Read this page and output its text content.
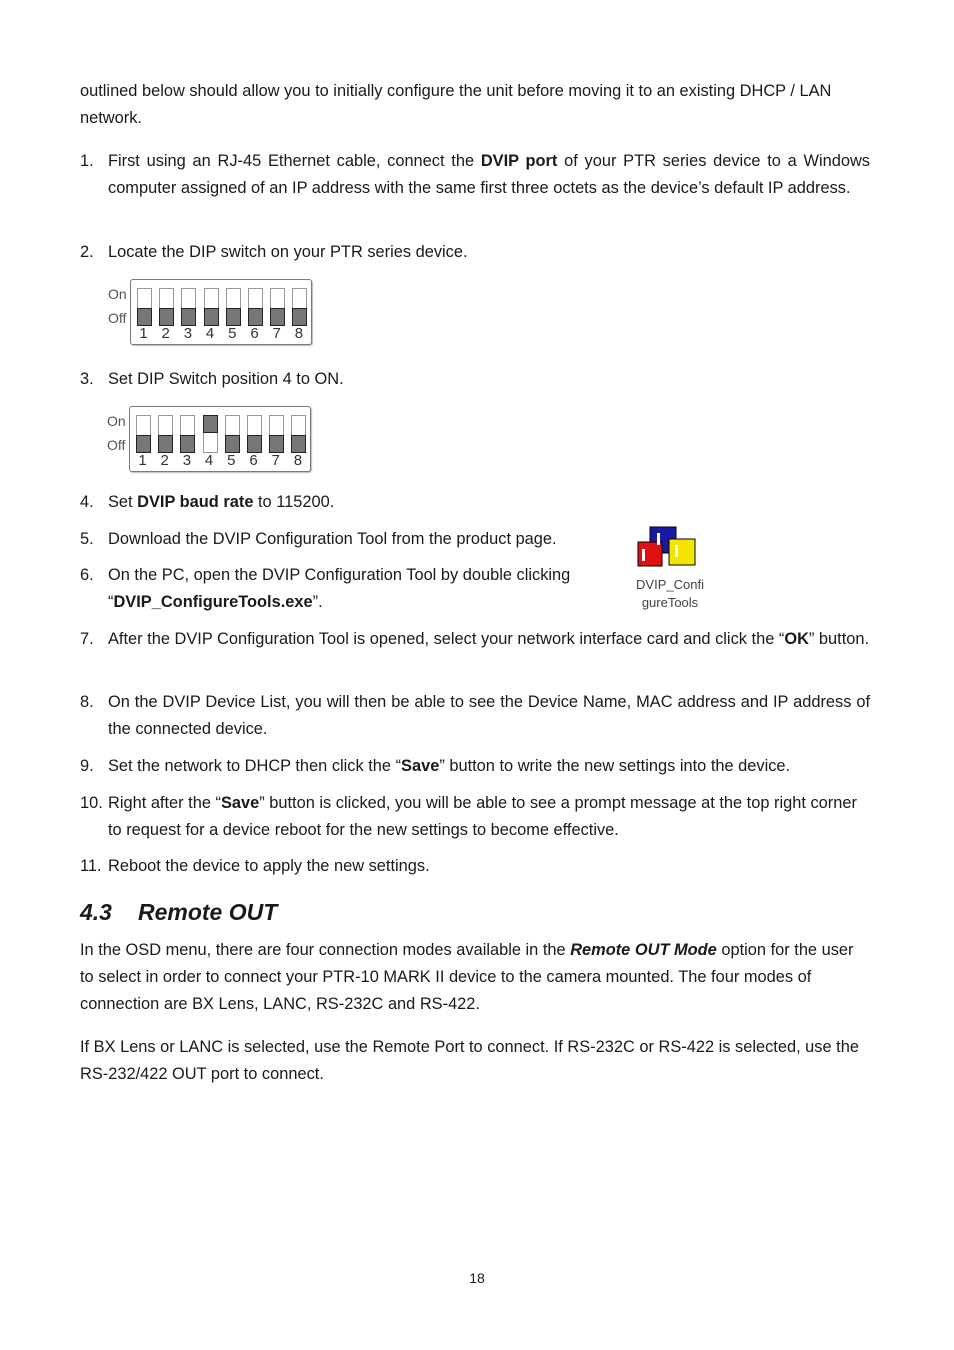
outlined below should allow you to initially configure the unit before moving it to an existing DHCP / LAN network.

1. First using an RJ-45 Ethernet cable, connect the DVIP port of your PTR series device to a Windows computer assigned of an IP address with the same first three octets as the device’s default IP address.
2. Locate the DIP switch on your PTR series device.
On
Off
1 2 3 4 5 6 7 8
3. Set DIP Switch position 4 to ON.
On
Off
1 2 3 4 5 6 7 8
4. Set DVIP baud rate to 115200.
5. Download the DVIP Configuration Tool from the product page.
6. On the PC, open the DVIP Configuration Tool by double clicking “DVIP_ConfigureTools.exe”.
DVIP_Confi
gureTools
7. After the DVIP Configuration Tool is opened, select your network interface card and click the “OK” button.
8. On the DVIP Device List, you will then be able to see the Device Name, MAC address and IP address of the connected device.
9. Set the network to DHCP then click the “Save” button to write the new settings into the device.
10. Right after the “Save” button is clicked, you will be able to see a prompt message at the top right corner to request for a device reboot for the new settings to become effective.
11. Reboot the device to apply the new settings.
4.3 Remote OUT

In the OSD menu, there are four connection modes available in the Remote OUT Mode option for the user to select in order to connect your PTR-10 MARK II device to the camera mounted. The four modes of connection are BX Lens, LANC, RS-232C and RS-422.

If BX Lens or LANC is selected, use the Remote Port to connect. If RS-232C or RS-422 is selected, use the RS-232/422 OUT port to connect.

18
